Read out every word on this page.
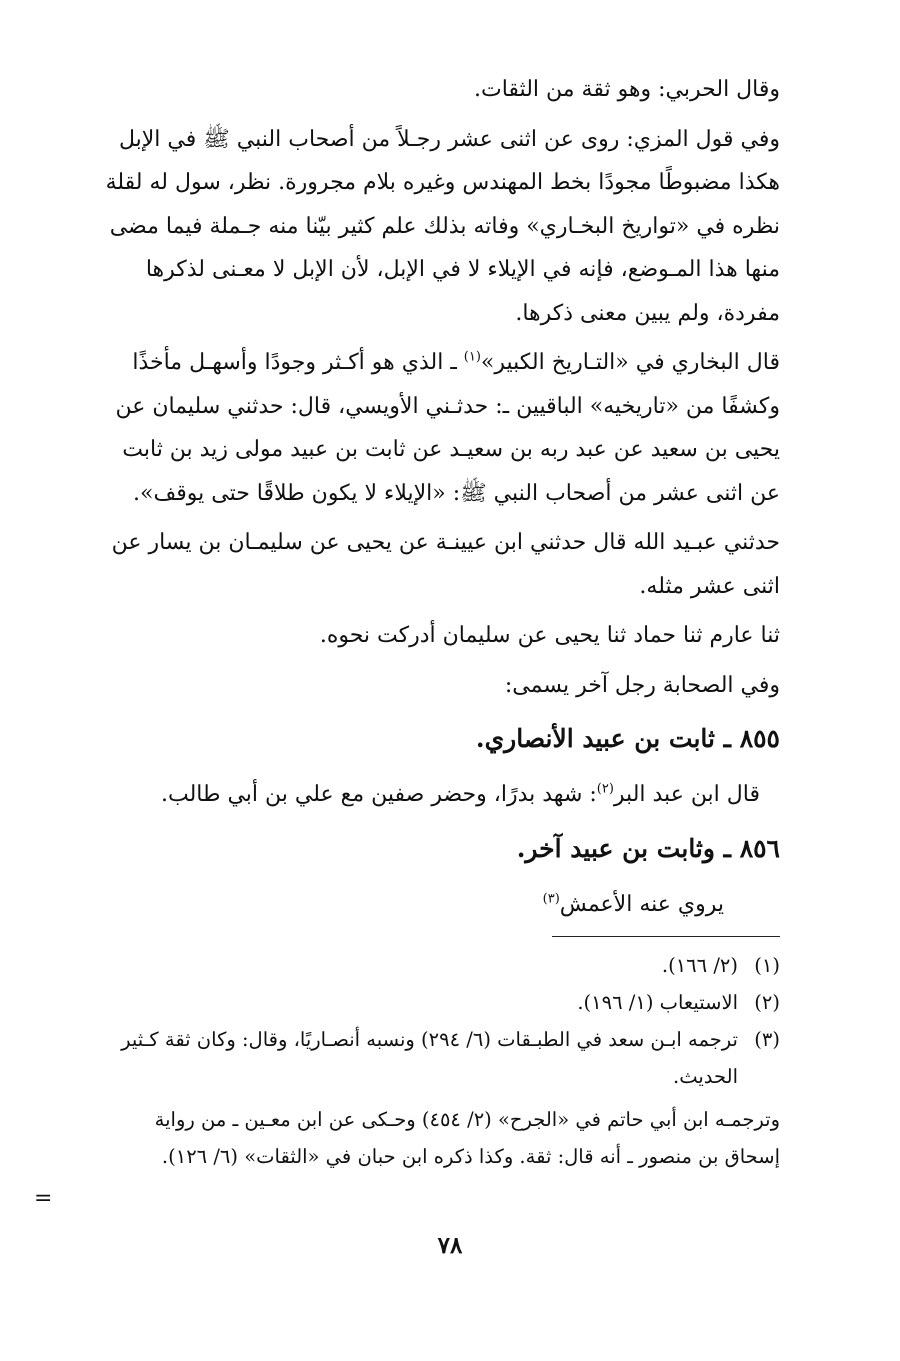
وقال الحربي: وهو ثقة من الثقات.
وفي قول المزي: روى عن اثنى عشر رجـلاً من أصحاب النبي ﷺ في الإبل
هكذا مضبوطًا مجودًا بخط المهندس وغيره بلام مجرورة. نظر، سول له لقلة
نظره في «تواريخ البخـاري» وفاته بذلك علم كثير بيّنا منه جـملة فيما مضى
منها هذا المـوضع، فإنه في الإيلاء لا في الإبل، لأن الإبل لا معـنى لذكرها
مفردة، ولم يبين معنى ذكرها.
قال البخاري في «التـاريخ الكبير»$^{(١)}$ ـ الذي هو أكـثر وجودًا وأسهـل مأخذًا
وكشفًا من «تاريخيه» الباقيين ـ: حدثـني الأويسي، قال: حدثني سليمان عن
يحيى بن سعيد عن عبد ربه بن سعيـد عن ثابت بن عبيد مولى زيد بن ثابت
عن اثنى عشر من أصحاب النبي ﷺ: «الإيلاء لا يكون طلاقًا حتى يوقف».
حدثني عبـيد الله قال حدثني ابن عيينـة عن يحيى عن سليمـان بن يسار عن
اثنى عشر مثله.
ثنا عارم ثنا حماد ثنا يحيى عن سليمان أدركت نحوه.
وفي الصحابة رجل آخر يسمى:
٨٥٥ ـ ثابت بن عبيد الأنصاري.
قال ابن عبد البر$^{(٢)}$: شهد بدرًا، وحضر صفين مع علي بن أبي طالب.
٨٥٦ ـ وثابت بن عبيد آخر.
يروي عنه الأعمش$^{(٣)}$
(١)(٢/ ١٦٦).
(٢)الاستيعاب (١/ ١٩٦).
(٣)ترجمه ابـن سعد في الطبـقات (٦/ ٢٩٤) ونسبه أنصـاريًا، وقال: وكان ثقة كـثير
الحديث.
وترجمـه ابن أبي حاتم في «الجرح» (٢/ ٤٥٤) وحـكى عن ابن معـين ـ من رواية
إسحاق بن منصور ـ أنه قال: ثقة. وكذا ذكره ابن حبان في «الثقات» (٦/ ١٢٦).
=
٧٨
